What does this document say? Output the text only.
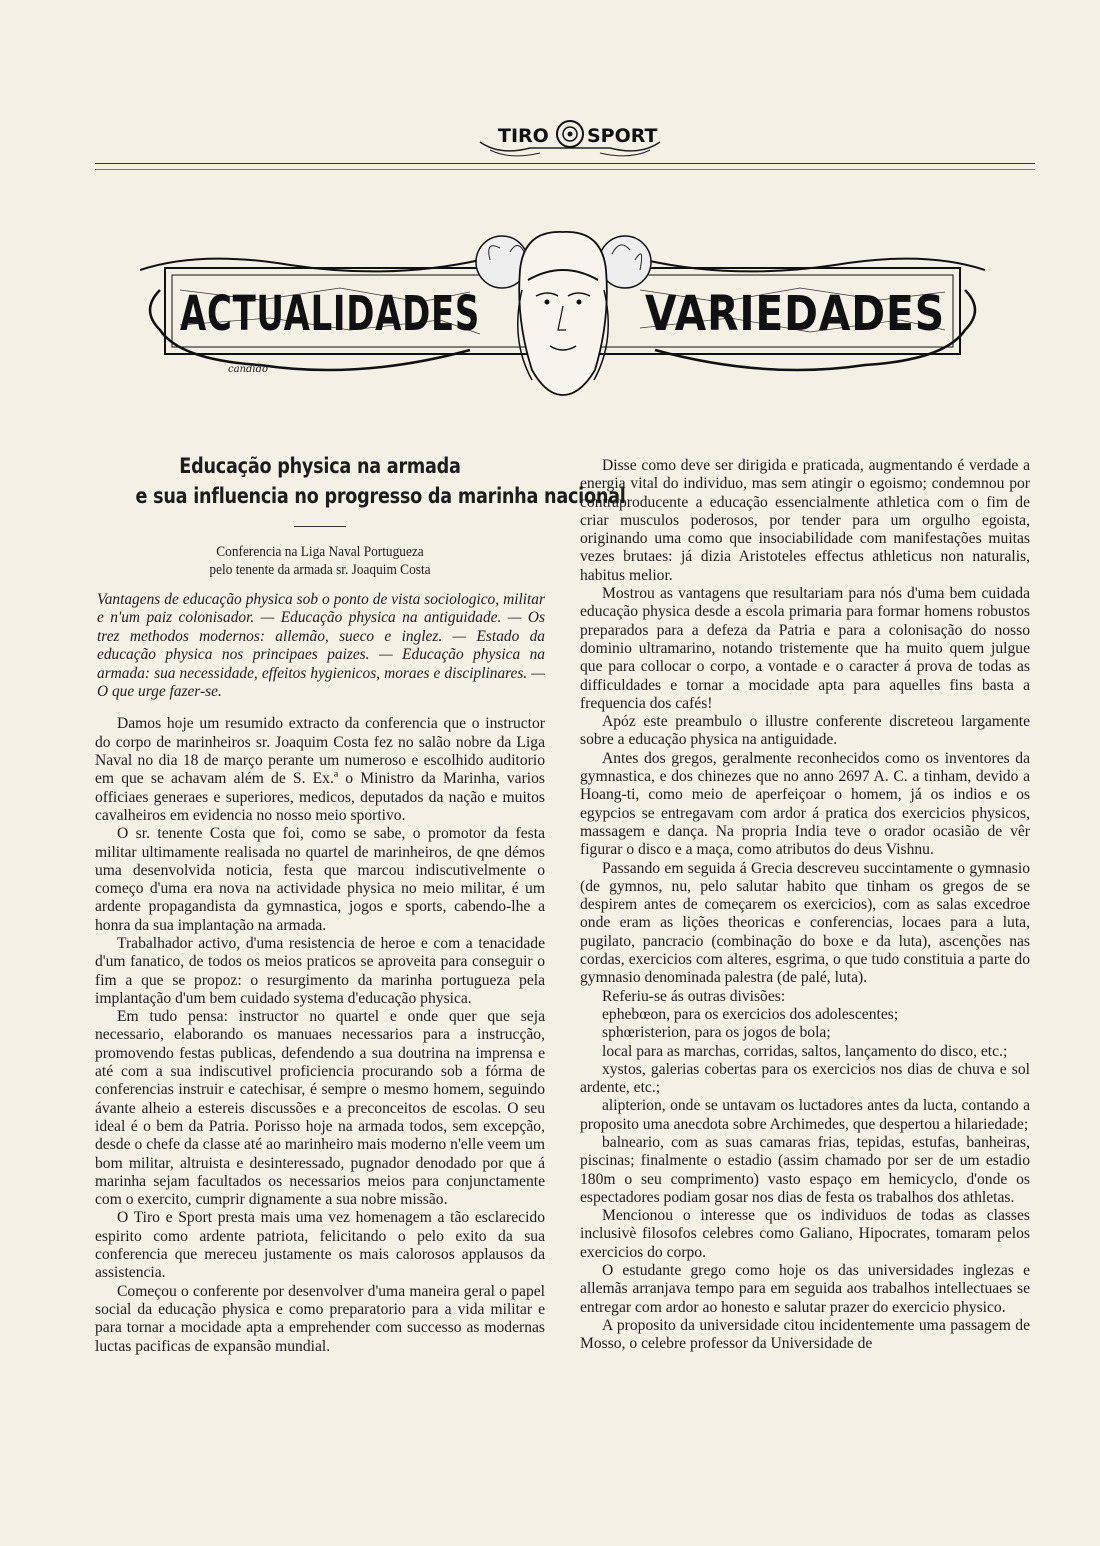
TIRO SPORT
ACTUALIDADES	VARIEDADES
candido
Educação physica na armada
e sua influencia no progresso da marinha nacional
Conferencia na Liga Naval Portugueza
pelo tenente da armada sr. Joaquim Costa
Vantagens de educação physica sob o ponto de vista sociologico, militar e n'um paiz colonisador. — Educação physica na antiguidade. — Os trez methodos modernos: allemão, sueco e inglez. — Estado da educação physica nos principaes paizes. — Educação physica na armada: sua necessidade, effeitos hygienicos, moraes e disciplinares. — O que urge fazer-se.

Damos hoje um resumido extracto da conferencia que o instructor do corpo de marinheiros sr. Joaquim Costa fez no salão nobre da Liga Naval no dia 18 de março perante um numeroso e escolhido auditorio em que se achavam além de S. Ex.ª o Ministro da Marinha, varios officiaes generaes e superiores, medicos, deputados da nação e muitos cavalheiros em evidencia no nosso meio sportivo.

O sr. tenente Costa que foi, como se sabe, o promotor da festa militar ultimamente realisada no quartel de marinheiros, de qne démos uma desenvolvida noticia, festa que marcou indiscutivelmente o começo d'uma era nova na actividade physica no meio militar, é um ardente propagandista da gymnastica, jogos e sports, cabendo-lhe a honra da sua implantação na armada.

Trabalhador activo, d'uma resistencia de heroe e com a tenacidade d'um fanatico, de todos os meios praticos se aproveita para conseguir o fim a que se propoz: o resurgimento da marinha portugueza pela implantação d'um bem cuidado systema d'educação physica.

Em tudo pensa: instructor no quartel e onde quer que seja necessario, elaborando os manuaes necessarios para a instrucção, promovendo festas publicas, defendendo a sua doutrina na imprensa e até com a sua indiscutivel proficiencia procurando sob a fórma de conferencias instruir e catechisar, é sempre o mesmo homem, seguindo ávante alheio a estereis discussões e a preconceitos de escolas. O seu ideal é o bem da Patria. Porisso hoje na armada todos, sem excepção, desde o chefe da classe até ao marinheiro mais moderno n'elle veem um bom militar, altruista e desinteressado, pugnador denodado por que á marinha sejam facultados os necessarios meios para conjunctamente com o exercito, cumprir dignamente a sua nobre missão.

O Tiro e Sport presta mais uma vez homenagem a tão esclarecido espirito como ardente patriota, felicitando o pelo exito da sua conferencia que mereceu justamente os mais calorosos applausos da assistencia.

Começou o conferente por desenvolver d'uma maneira geral o papel social da educação physica e como preparatorio para a vida militar e para tornar a mocidade apta a emprehender com successo as modernas luctas pacificas de expansão mundial.

Disse como deve ser dirigida e praticada, augmentando é verdade a energia vital do individuo, mas sem atingir o egoismo; condemnou por contraproducente a educação essencialmente athletica com o fim de criar musculos poderosos, por tender para um orgulho egoista, originando uma como que insociabilidade com manifestações muitas vezes brutaes: já dizia Aristoteles effectus athleticus non naturalis, habitus melior.

Mostrou as vantagens que resultariam para nós d'uma bem cuidada educação physica desde a escola primaria para formar homens robustos preparados para a defeza da Patria e para a colonisação do nosso dominio ultramarino, notando tristemente que ha muito quem julgue que para collocar o corpo, a vontade e o caracter á prova de todas as difficuldades e tornar a mocidade apta para aquelles fins basta a frequencia dos cafés!

Apóz este preambulo o illustre conferente discreteou largamente sobre a educação physica na antiguidade.

Antes dos gregos, geralmente reconhecidos como os inventores da gymnastica, e dos chinezes que no anno 2697 A. C. a tinham, devido a Hoang-ti, como meio de aperfeiçoar o homem, já os indios e os egypcios se entregavam com ardor á pratica dos exercicios physicos, massagem e dança. Na propria India teve o orador ocasião de vêr figurar o disco e a maça, como atributos do deus Vishnu.

Passando em seguida á Grecia descreveu succintamente o gymnasio (de gymnos, nu, pelo salutar habito que tinham os gregos de se despirem antes de começarem os exercicios), com as salas excedroe onde eram as lições theoricas e conferencias, locaes para a luta, pugilato, pancracio (combinação do boxe e da luta), ascenções nas cordas, exercicios com alteres, esgrima, o que tudo constituia a parte do gymnasio denominada palestra (de palé, luta).

Referiu-se ás outras divisões:

ephebœon, para os exercicios dos adolescentes;

sphœristerion, para os jogos de bola;

local para as marchas, corridas, saltos, lançamento do disco, etc.;

xystos, galerias cobertas para os exercicios nos dias de chuva e sol ardente, etc.;

alipterion, onde se untavam os luctadores antes da lucta, contando a proposito uma anecdota sobre Archimedes, que despertou a hilariedade;

balneario, com as suas camaras frias, tepidas, estufas, banheiras, piscinas; finalmente o estadio (assim chamado por ser de um estadio 180m o seu comprimento) vasto espaço em hemicyclo, d'onde os espectadores podiam gosar nos dias de festa os trabalhos dos athletas.

Mencionou o interesse que os individuos de todas as classes inclusivè filosofos celebres como Galiano, Hipocrates, tomaram pelos exercicios do corpo.

O estudante grego como hoje os das universidades inglezas e allemãs arranjava tempo para em seguida aos trabalhos intellectuaes se entregar com ardor ao honesto e salutar prazer do exercicio physico.

A proposito da universidade citou incidentemente uma passagem de Mosso, o celebre professor da Universidade de
